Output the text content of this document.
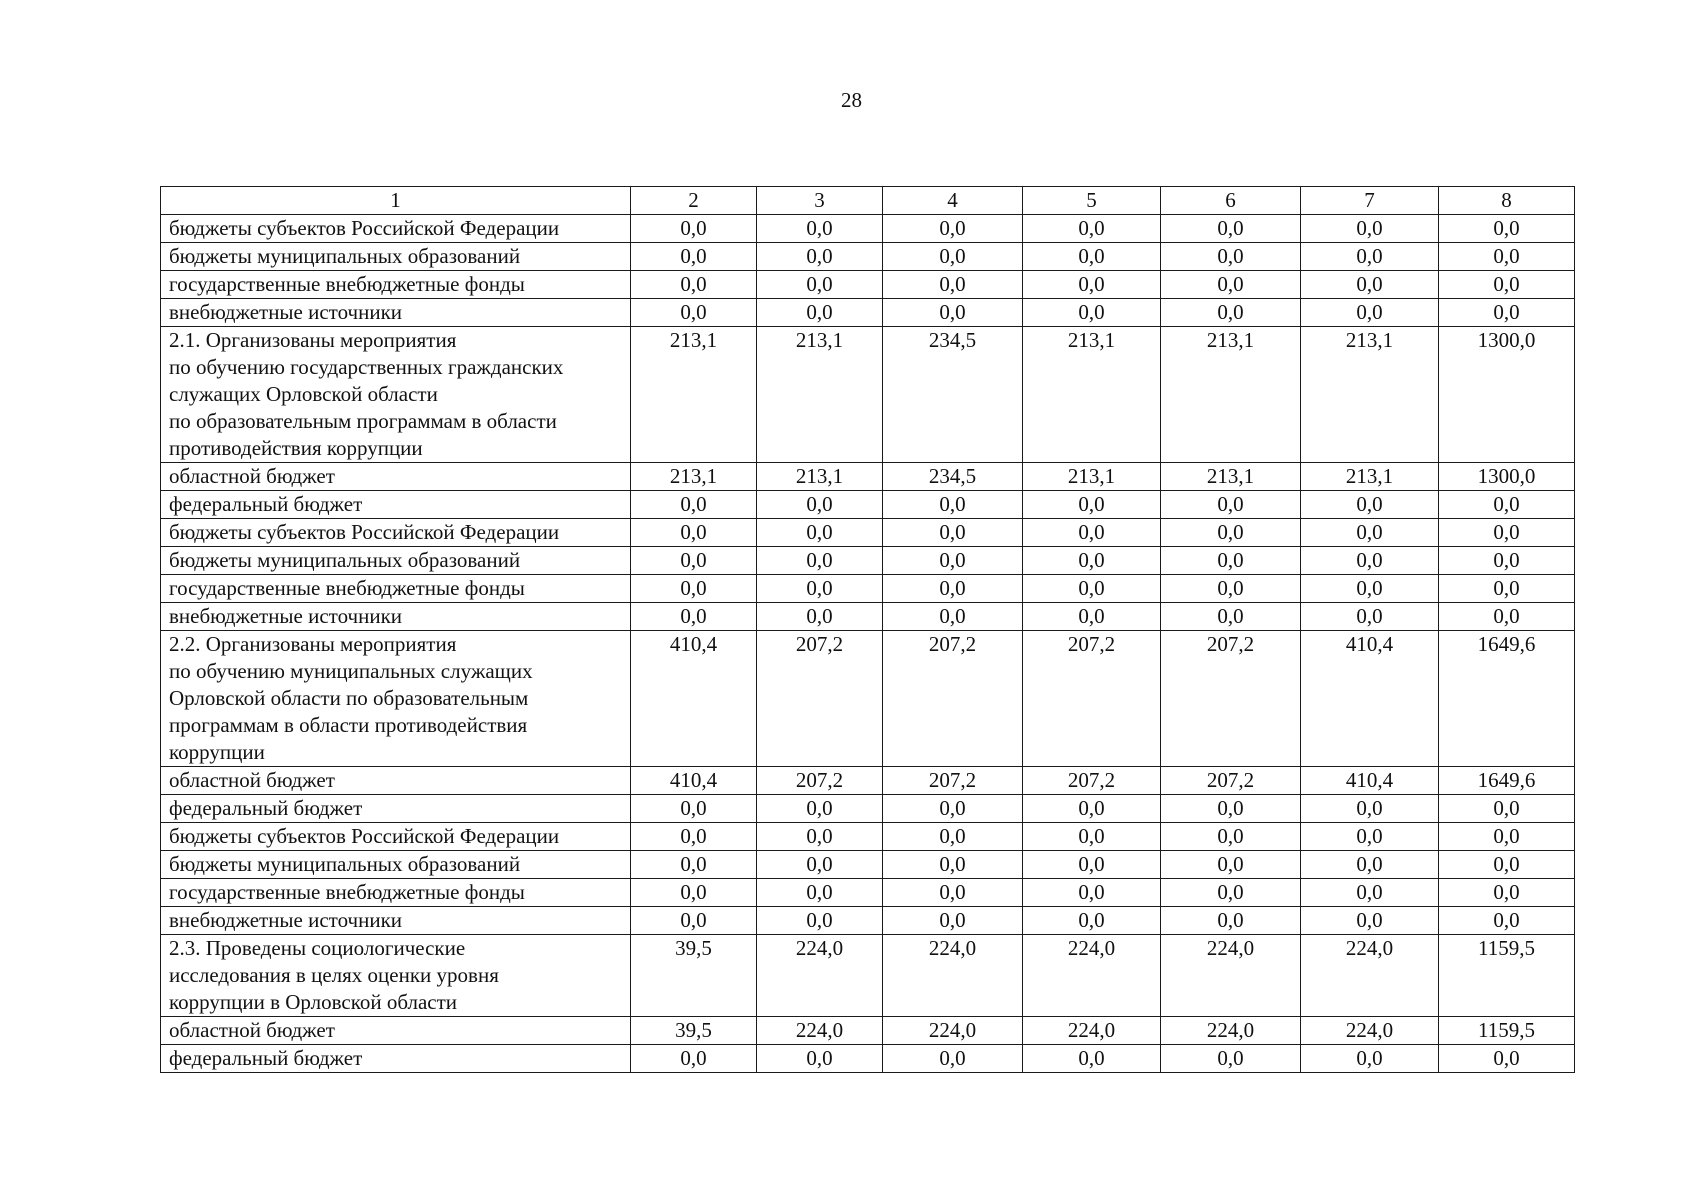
28
1	2	3	4	5	6	7	8
бюджеты субъектов Российской Федерации	0,0	0,0	0,0	0,0	0,0	0,0	0,0
бюджеты муниципальных образований	0,0	0,0	0,0	0,0	0,0	0,0	0,0
государственные внебюджетные фонды	0,0	0,0	0,0	0,0	0,0	0,0	0,0
внебюджетные источники	0,0	0,0	0,0	0,0	0,0	0,0	0,0
2.1. Организованы мероприятия
по обучению государственных гражданских
служащих Орловской области
по образовательным программам в области
противодействия коррупции	213,1	213,1	234,5	213,1	213,1	213,1	1300,0
областной бюджет	213,1	213,1	234,5	213,1	213,1	213,1	1300,0
федеральный бюджет	0,0	0,0	0,0	0,0	0,0	0,0	0,0
бюджеты субъектов Российской Федерации	0,0	0,0	0,0	0,0	0,0	0,0	0,0
бюджеты муниципальных образований	0,0	0,0	0,0	0,0	0,0	0,0	0,0
государственные внебюджетные фонды	0,0	0,0	0,0	0,0	0,0	0,0	0,0
внебюджетные источники	0,0	0,0	0,0	0,0	0,0	0,0	0,0
2.2. Организованы мероприятия
по обучению муниципальных служащих
Орловской области по образовательным
программам в области противодействия
коррупции	410,4	207,2	207,2	207,2	207,2	410,4	1649,6
областной бюджет	410,4	207,2	207,2	207,2	207,2	410,4	1649,6
федеральный бюджет	0,0	0,0	0,0	0,0	0,0	0,0	0,0
бюджеты субъектов Российской Федерации	0,0	0,0	0,0	0,0	0,0	0,0	0,0
бюджеты муниципальных образований	0,0	0,0	0,0	0,0	0,0	0,0	0,0
государственные внебюджетные фонды	0,0	0,0	0,0	0,0	0,0	0,0	0,0
внебюджетные источники	0,0	0,0	0,0	0,0	0,0	0,0	0,0
2.3. Проведены социологические
исследования в целях оценки уровня
коррупции в Орловской области	39,5	224,0	224,0	224,0	224,0	224,0	1159,5
областной бюджет	39,5	224,0	224,0	224,0	224,0	224,0	1159,5
федеральный бюджет	0,0	0,0	0,0	0,0	0,0	0,0	0,0
